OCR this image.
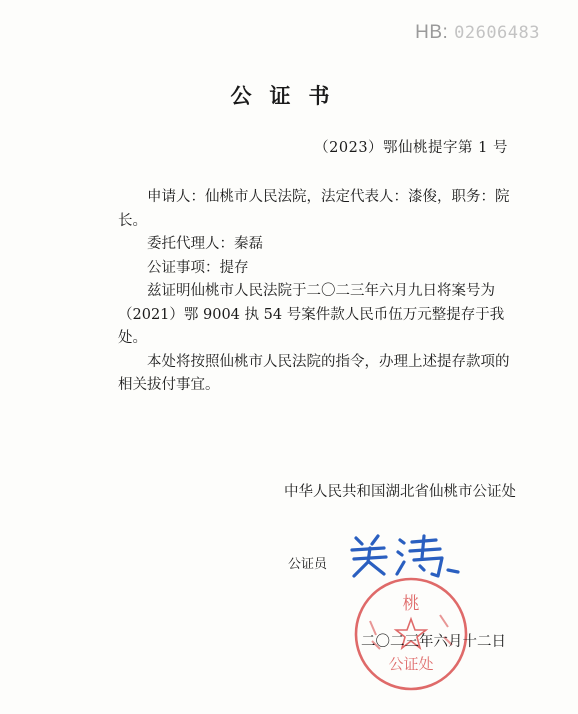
HB: 02606483
公证书
（2023）鄂仙桃提字第 1 号

申请人：仙桃市人民法院，法定代表人：漆俊，职务：院长。

委托代理人：秦磊

公证事项：提存

兹证明仙桃市人民法院于二〇二三年六月九日将案号为（2021）鄂 9004 执 54 号案件款人民币伍万元整提存于我处。

本处将按照仙桃市人民法院的指令，办理上述提存款项的相关拔付事宜。

中华人民共和国湖北省仙桃市公证处
公证员
桃
公证处
二〇二三年六月十二日
